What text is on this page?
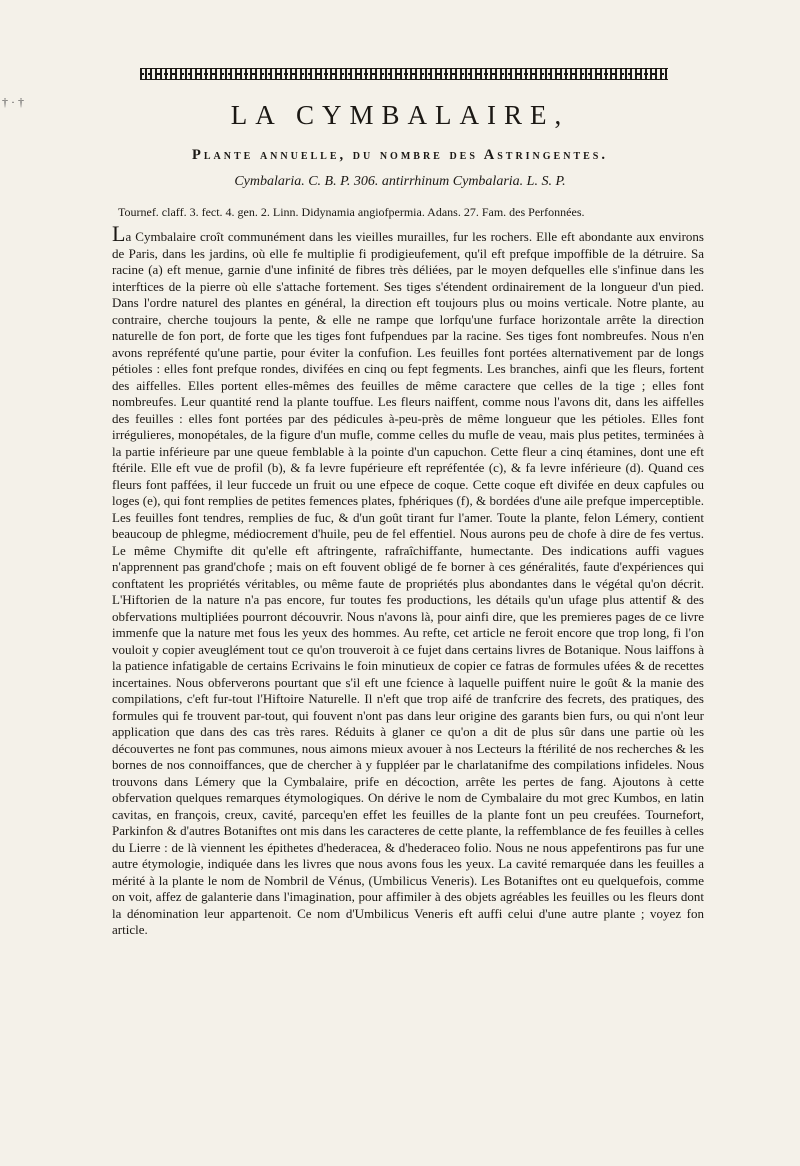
† · †	LA CYMBALAIRE,

Plante annuelle, du nombre des Astringentes.

Cymbalaria. C. B. P. 306. antirrhinum Cymbalaria. L. S. P.

Tournef. claff. 3. fect. 4. gen. 2. Linn. Didynamia angiofpermia. Adans. 27. Fam. des Perfonnées.

La Cymbalaire croît communément dans les vieilles murailles, fur les rochers. Elle eft abondante aux environs de Paris, dans les jardins, où elle fe multiplie fi prodigieufement, qu'il eft prefque impoffible de la détruire. Sa racine (a) eft menue, garnie d'une infinité de fibres très déliées, par le moyen defquelles elle s'infinue dans les interftices de la pierre où elle s'attache fortement. Ses tiges s'étendent ordinairement de la longueur d'un pied. Dans l'ordre naturel des plantes en général, la direction eft toujours plus ou moins verticale. Notre plante, au contraire, cherche toujours la pente, & elle ne rampe que lorfqu'une furface horizontale arrête la direction naturelle de fon port, de forte que les tiges font fufpendues par la racine. Ses tiges font nombreufes. Nous n'en avons repréfenté qu'une partie, pour éviter la confufion. Les feuilles font portées alternativement par de longs pétioles : elles font prefque rondes, divifées en cinq ou fept fegments. Les branches, ainfi que les fleurs, fortent des aiffelles. Elles portent elles-mêmes des feuilles de même caractere que celles de la tige ; elles font nombreufes. Leur quantité rend la plante touffue. Les fleurs naiffent, comme nous l'avons dit, dans les aiffelles des feuilles : elles font portées par des pédicules à-peu-près de même longueur que les pétioles. Elles font irrégulieres, monopétales, de la figure d'un mufle, comme celles du mufle de veau, mais plus petites, terminées à la partie inférieure par une queue femblable à la pointe d'un capuchon. Cette fleur a cinq étamines, dont une eft ftérile. Elle eft vue de profil (b), & fa levre fupérieure eft repréfentée (c), & fa levre inférieure (d). Quand ces fleurs font paffées, il leur fuccede un fruit ou une efpece de coque. Cette coque eft divifée en deux capfules ou loges (e), qui font remplies de petites femences plates, fphériques (f), & bordées d'une aile prefque imperceptible. Les feuilles font tendres, remplies de fuc, & d'un goût tirant fur l'amer. Toute la plante, felon Lémery, contient beaucoup de phlegme, médiocrement d'huile, peu de fel effentiel. Nous aurons peu de chofe à dire de fes vertus. Le même Chymifte dit qu'elle eft aftringente, rafraîchiffante, humectante. Des indications auffi vagues n'apprennent pas grand'chofe ; mais on eft fouvent obligé de fe borner à ces généralités, faute d'expériences qui conftatent les propriétés véritables, ou même faute de propriétés plus abondantes dans le végétal qu'on décrit. L'Hiftorien de la nature n'a pas encore, fur toutes fes productions, les détails qu'un ufage plus attentif & des obfervations multipliées pourront découvrir. Nous n'avons là, pour ainfi dire, que les premieres pages de ce livre immenfe que la nature met fous les yeux des hommes. Au refte, cet article ne feroit encore que trop long, fi l'on vouloit y copier aveuglément tout ce qu'on trouveroit à ce fujet dans certains livres de Botanique. Nous laiffons à la patience infatigable de certains Ecrivains le foin minutieux de copier ce fatras de formules ufées & de recettes incertaines. Nous obferverons pourtant que s'il eft une fcience à laquelle puiffent nuire le goût & la manie des compilations, c'eft fur-tout l'Hiftoire Naturelle. Il n'eft que trop aifé de tranfcrire des fecrets, des pratiques, des formules qui fe trouvent par-tout, qui fouvent n'ont pas dans leur origine des garants bien furs, ou qui n'ont leur application que dans des cas très rares. Réduits à glaner ce qu'on a dit de plus sûr dans une partie où les découvertes ne font pas communes, nous aimons mieux avouer à nos Lecteurs la ftérilité de nos recherches & les bornes de nos connoiffances, que de chercher à y fuppléer par le charlatanifme des compilations infideles. Nous trouvons dans Lémery que la Cymbalaire, prife en décoction, arrête les pertes de fang. Ajoutons à cette obfervation quelques remarques étymologiques. On dérive le nom de Cymbalaire du mot grec Kumbos, en latin cavitas, en françois, creux, cavité, parcequ'en effet les feuilles de la plante font un peu creufées. Tournefort, Parkinfon & d'autres Botaniftes ont mis dans les caracteres de cette plante, la reffemblance de fes feuilles à celles du Lierre : de là viennent les épithetes d'hederacea, & d'hederaceo folio. Nous ne nous appefentirons pas fur une autre étymologie, indiquée dans les livres que nous avons fous les yeux. La cavité remarquée dans les feuilles a mérité à la plante le nom de Nombril de Vénus, (Umbilicus Veneris). Les Botaniftes ont eu quelquefois, comme on voit, affez de galanterie dans l'imagination, pour affimiler à des objets agréables les feuilles ou les fleurs dont la dénomination leur appartenoit. Ce nom d'Umbilicus Veneris eft auffi celui d'une autre plante ; voyez fon article.
